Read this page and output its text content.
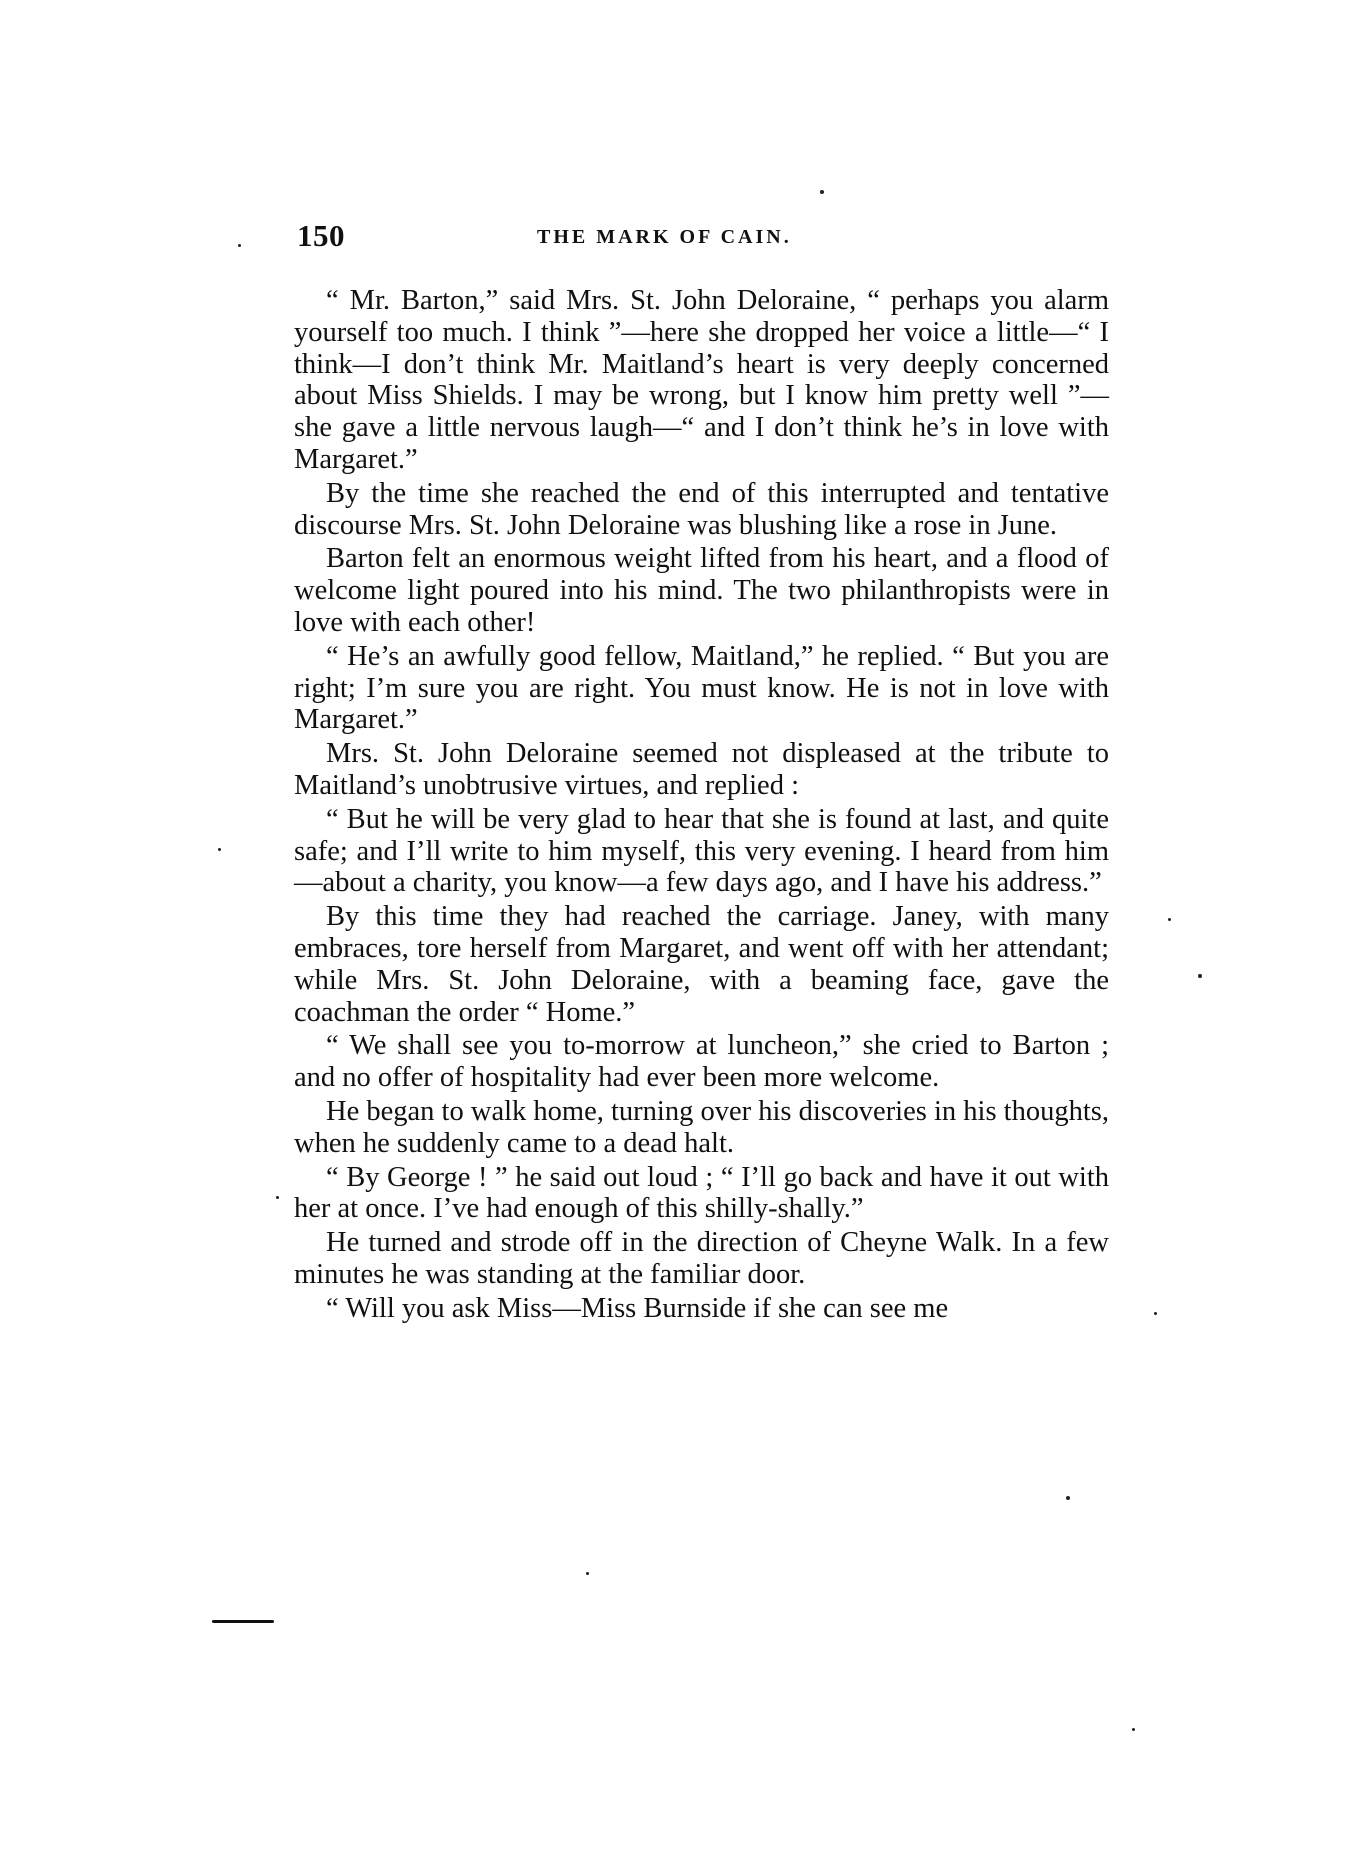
150	THE MARK OF CAIN.

“ Mr. Barton,” said Mrs. St. John Deloraine, “ perhaps you alarm yourself too much. I think ”—here she dropped her voice a little—“ I think—I don’t think Mr. Maitland’s heart is very deeply concerned about Miss Shields. I may be wrong, but I know him pretty well ”—she gave a little nervous laugh—“ and I don’t think he’s in love with Margaret.”

By the time she reached the end of this interrupted and tentative discourse Mrs. St. John Deloraine was blushing like a rose in June.

Barton felt an enormous weight lifted from his heart, and a flood of welcome light poured into his mind. The two philanthropists were in love with each other!

“ He’s an awfully good fellow, Maitland,” he replied. “ But you are right; I’m sure you are right. You must know. He is not in love with Margaret.”

Mrs. St. John Deloraine seemed not displeased at the tribute to Maitland’s unobtrusive virtues, and replied :

“ But he will be very glad to hear that she is found at last, and quite safe; and I’ll write to him myself, this very evening. I heard from him—about a charity, you know—a few days ago, and I have his address.”

By this time they had reached the carriage. Janey, with many embraces, tore herself from Margaret, and went off with her attendant; while Mrs. St. John Deloraine, with a beaming face, gave the coachman the order “ Home.”

“ We shall see you to-morrow at luncheon,” she cried to Barton ; and no offer of hospitality had ever been more welcome.

He began to walk home, turning over his discoveries in his thoughts, when he suddenly came to a dead halt.

“ By George ! ” he said out loud ; “ I’ll go back and have it out with her at once. I’ve had enough of this shilly-shally.”

He turned and strode off in the direction of Cheyne Walk. In a few minutes he was standing at the familiar door.

“ Will you ask Miss—Miss Burnside if she can see me
